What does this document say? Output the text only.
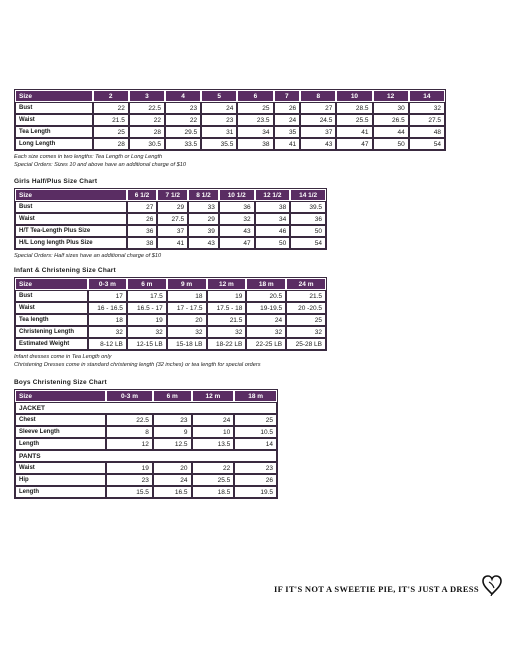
Size	2	3	4	5	6	7	8	10	12	14
Bust	22	22.5	23	24	25	26	27	28.5	30	32
Waist	21.5	22	22	23	23.5	24	24.5	25.5	26.5	27.5
Tea Length	25	28	29.5	31	34	35	37	41	44	48
Long Length	28	30.5	33.5	35.5	38	41	43	47	50	54
Each size comes in two lengths: Tea Length or Long Length
Special Orders: Sizes 10 and above have an additional charge of $10
Girls Half/Plus Size Chart
Size	6 1/2	7 1/2	8 1/2	10 1/2	12 1/2	14 1/2
Bust	27	29	33	36	38	39.5
Waist	26	27.5	29	32	34	36
H/T Tea-Length Plus Size	36	37	39	43	46	50
H/L Long length Plus Size	38	41	43	47	50	54
Special Orders: Half sizes have an additional charge of $10
Infant & Christening Size Chart
Size	0-3 m	6 m	9 m	12 m	18 m	24 m
Bust	17	17.5	18	19	20.5	21.5
Waist	16 - 16.5	16.5 - 17	17 - 17.5	17.5 - 18	19-19.5	20 -20.5
Tea length	18	19	20	21.5	24	25
Christening Length	32	32	32	32	32	32
Estimated Weight	8-12 LB	12-15 LB	15-18 LB	18-22 LB	22-25 LB	25-28 LB
Infant dresses come in Tea Length only
Christening Dresses come in standard christening length (32 inches) or tea length for special orders
Boys Christening Size Chart
Size	0-3 m	6 m	12 m	18 m
JACKET				
Chest	22.5	23	24	25
Sleeve Length	8	9	10	10.5
Length	12	12.5	13.5	14
PANTS				
Waist	19	20	22	23
Hip	23	24	25.5	26
Length	15.5	16.5	18.5	19.5
IF IT'S NOT A SWEETIE PIE, IT'S JUST A DRESS
